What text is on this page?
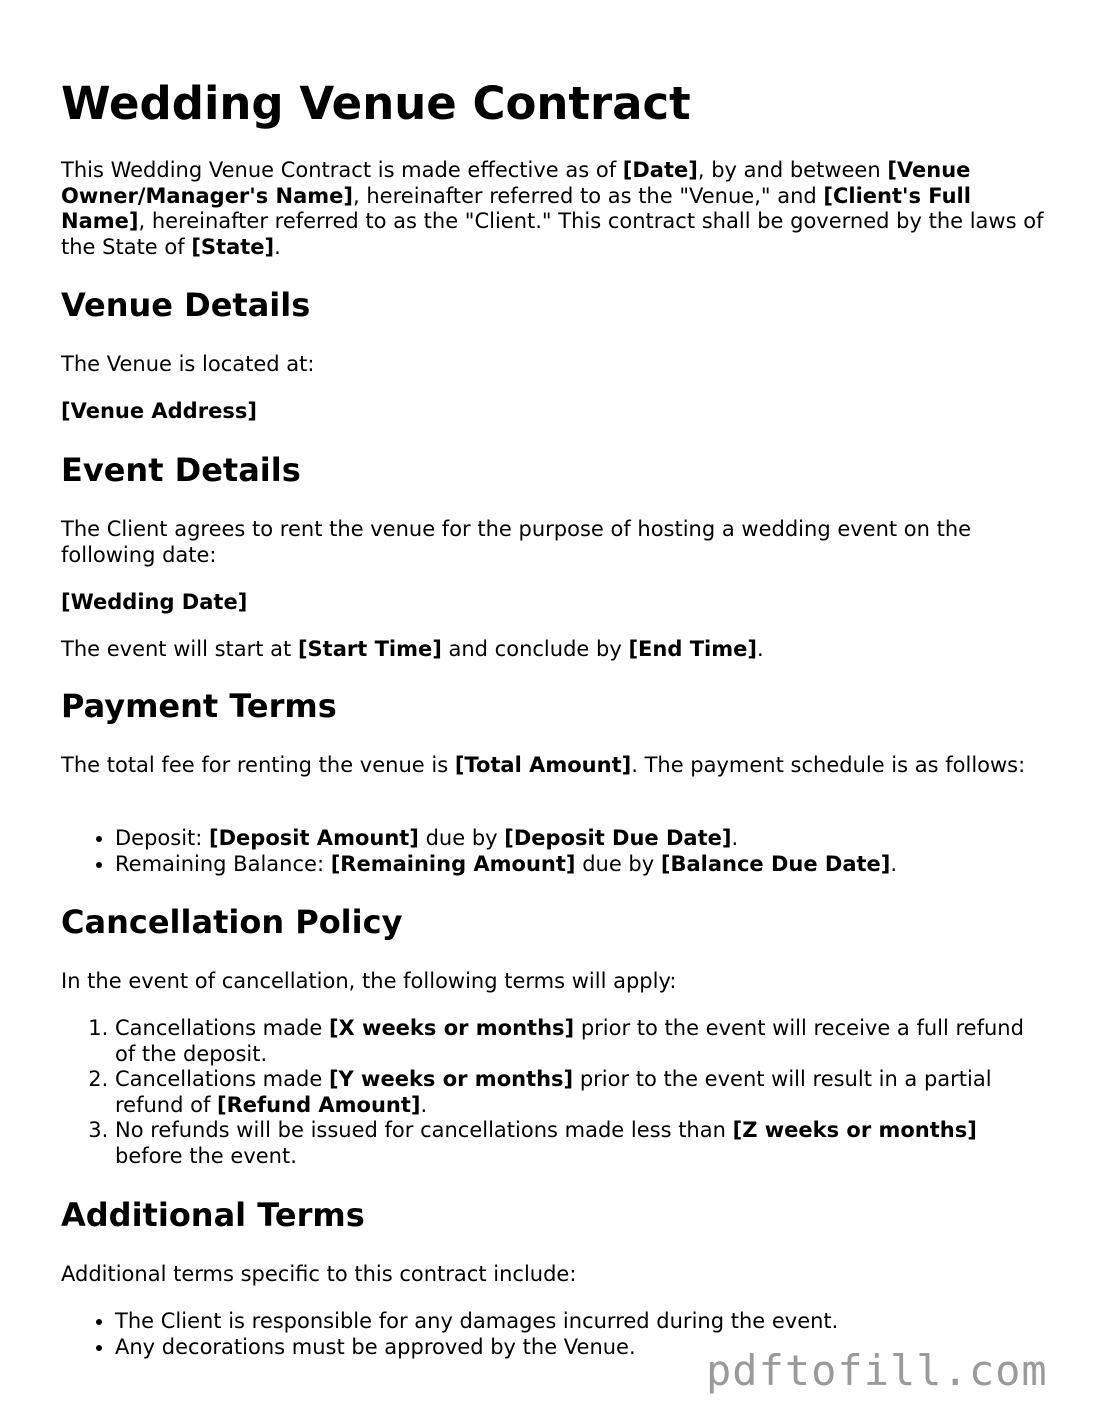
Wedding Venue Contract

This Wedding Venue Contract is made effective as of [Date], by and between [Venue Owner/Manager's Name], hereinafter referred to as the "Venue," and [Client's Full Name], hereinafter referred to as the "Client." This contract shall be governed by the laws of the State of [State].

Venue Details

The Venue is located at:

[Venue Address]

Event Details

The Client agrees to rent the venue for the purpose of hosting a wedding event on the following date:

[Wedding Date]

The event will start at [Start Time] and conclude by [End Time].

Payment Terms

The total fee for renting the venue is [Total Amount]. The payment schedule is as follows:

• Deposit: [Deposit Amount] due by [Deposit Due Date].
• Remaining Balance: [Remaining Amount] due by [Balance Due Date].
Cancellation Policy

In the event of cancellation, the following terms will apply:

1. Cancellations made [X weeks or months] prior to the event will receive a full refund of the deposit.
2. Cancellations made [Y weeks or months] prior to the event will result in a partial refund of [Refund Amount].
3. No refunds will be issued for cancellations made less than [Z weeks or months] before the event.
Additional Terms

Additional terms specific to this contract include:

• The Client is responsible for any damages incurred during the event.
• Any decorations must be approved by the Venue.	pdftofill.com
